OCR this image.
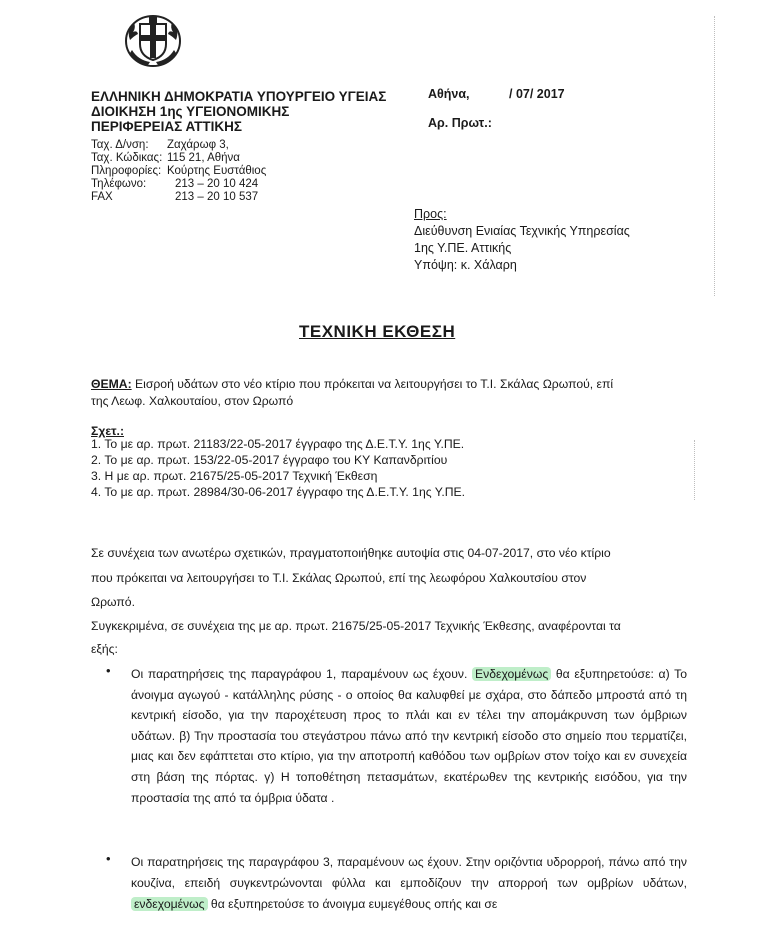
ΕΛΛΗΝΙΚΗ ΔΗΜΟΚΡΑΤΙΑ ΥΠΟΥΡΓΕΙΟ ΥΓΕΙΑΣ
ΔΙΟΙΚΗΣΗ 1ης ΥΓΕΙΟΝΟΜΙΚΗΣ
ΠΕΡΙΦΕΡΕΙΑΣ ΑΤΤΙΚΗΣ
Ταχ. Δ/νση: Ζαχάρωφ 3,
Ταχ. Κώδικας: 115 21, Αθήνα
Πληροφορίες: Κούρτης Ευστάθιος
Τηλέφωνο:	213 – 20 10 424
FAX	213 – 20 10 537
Αθήνα,	/ 07/ 2017
Αρ. Πρωτ.:
Προς:
Διεύθυνση Ενιαίας Τεχνικής Υπηρεσίας
1ης Υ.ΠΕ. Αττικής
Υπόψη: κ. Χάλαρη
ΤΕΧΝΙΚΗ ΕΚΘΕΣΗ
ΘΕΜΑ: Εισροή υδάτων στο νέο κτίριο που πρόκειται να λειτουργήσει το Τ.Ι. Σκάλας Ωρωπού, επί
της Λεωφ. Χαλκουταίου, στον Ωρωπό
Σχετ.:
1. Το με αρ. πρωτ. 21183/22-05-2017 έγγραφο της Δ.Ε.Τ.Υ. 1ης Υ.ΠΕ.
2. Το με αρ. πρωτ. 153/22-05-2017 έγγραφο του ΚΥ Καπανδριτίου
3. Η με αρ. πρωτ. 21675/25-05-2017 Τεχνική Έκθεση
4. Το με αρ. πρωτ. 28984/30-06-2017 έγγραφο της Δ.Ε.Τ.Υ. 1ης Υ.ΠΕ.
Σε συνέχεια των ανωτέρω σχετικών, πραγματοποιήθηκε αυτοψία στις 04-07-2017, στο νέο κτίριο
που πρόκειται να λειτουργήσει το Τ.Ι. Σκάλας Ωρωπού, επί της λεωφόρου Χαλκουτσίου στον
Ωρωπό.
Συγκεκριμένα, σε συνέχεια της με αρ. πρωτ. 21675/25-05-2017 Τεχνικής Έκθεσης, αναφέρονται τα
εξής:
• Οι παρατηρήσεις της παραγράφου 1, παραμένουν ως έχουν. Ενδεχομένως θα εξυπηρετούσε: α) Το άνοιγμα αγωγού - κατάλληλης ρύσης - ο οποίος θα καλυφθεί με σχάρα, στο δάπεδο μπροστά από τη κεντρική είσοδο, για την παροχέτευση προς το πλάι και εν τέλει την απομάκρυνση των όμβριων υδάτων. β) Την προστασία του στεγάστρου πάνω από την κεντρική είσοδο στο σημείο που τερματίζει, μιας και δεν εφάπτεται στο κτίριο, για την αποτροπή καθόδου των ομβρίων στον τοίχο και εν συνεχεία στη βάση της πόρτας. γ) Η τοποθέτηση πετασμάτων, εκατέρωθεν της κεντρικής εισόδου, για την προστασία της από τα όμβρια ύδατα .
• Οι παρατηρήσεις της παραγράφου 3, παραμένουν ως έχουν. Στην οριζόντια υδρορροή, πάνω από την κουζίνα, επειδή συγκεντρώνονται φύλλα και εμποδίζουν την απορροή των ομβρίων υδάτων, ενδεχομένως θα εξυπηρετούσε το άνοιγμα ευμεγέθους οπής και σε
